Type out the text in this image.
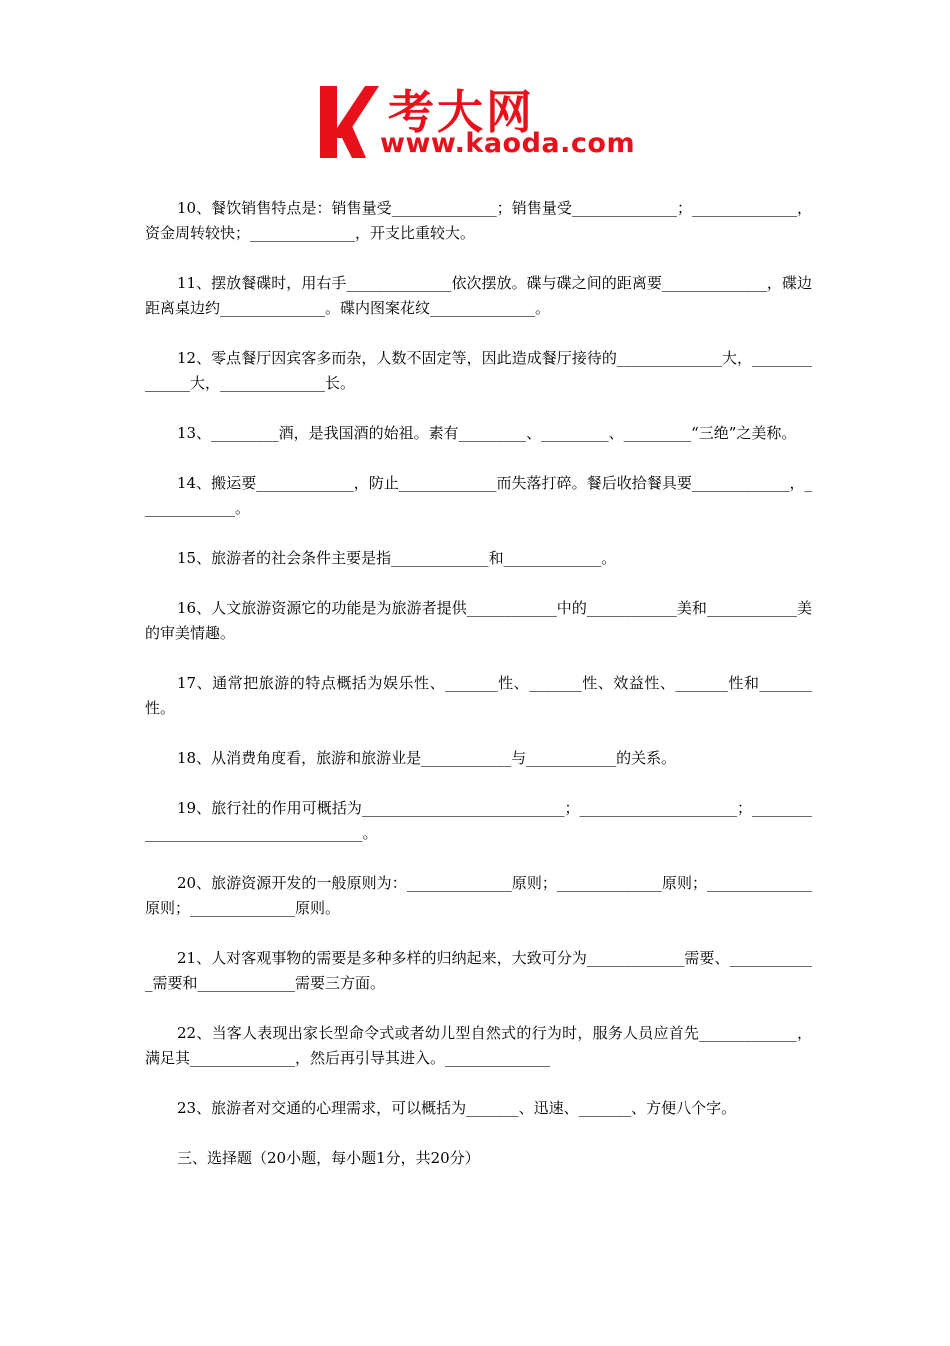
考大网
www.kaoda.com

10、餐饮销售特点是：销售量受______________；销售量受______________；______________，资金周转较快；______________，开支比重较大。

11、摆放餐碟时，用右手______________依次摆放。碟与碟之间的距离要______________，碟边距离桌边约______________。碟内图案花纹______________。

12、零点餐厅因宾客多而杂，人数不固定等，因此造成餐厅接待的______________大，______________大，______________长。

13、_________酒，是我国酒的始祖。素有_________、_________、_________“三绝”之美称。

14、搬运要_____________，防止_____________而失落打碎。餐后收拾餐具要_____________，_____________。

15、旅游者的社会条件主要是指_____________和_____________。

16、人文旅游资源它的功能是为旅游者提供____________中的____________美和____________美的审美情趣。

17、通常把旅游的特点概括为娱乐性、_______性、_______性、效益性、_______性和_______性。

18、从消费角度看，旅游和旅游业是____________与____________的关系。

19、旅行社的作用可概括为___________________________；_____________________；_____________________________________。

20、旅游资源开发的一般原则为：______________原则；______________原则；______________原则；______________原则。

21、人对客观事物的需要是多种多样的归纳起来，大致可分为_____________需要、____________需要和_____________需要三方面。

22、当客人表现出家长型命令式或者幼儿型自然式的行为时，服务人员应首先_____________，满足其______________，然后再引导其进入。______________

23、旅游者对交通的心理需求，可以概括为_______、迅速、_______、方便八个字。

三、选择题（20小题，每小题1分，共20分）
